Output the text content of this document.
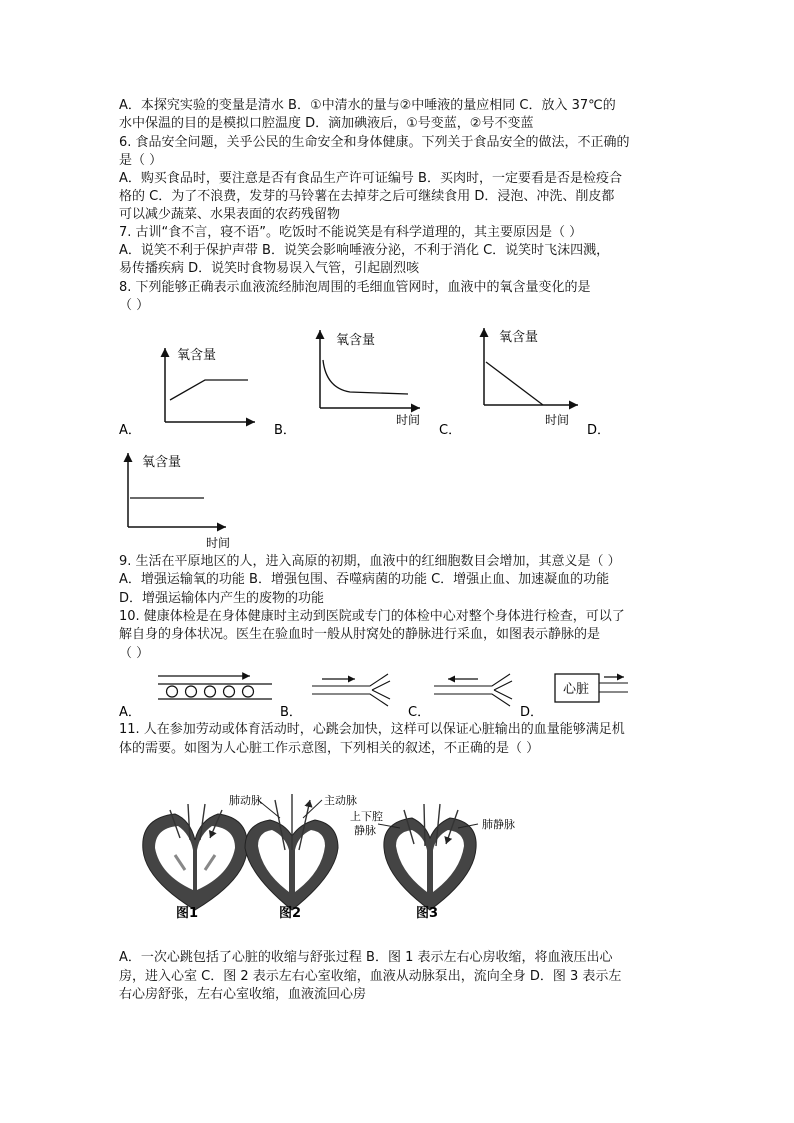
A．本探究实验的变量是清水 B．①中清水的量与②中唾液的量应相同 C．放入 37℃的
水中保温的目的是模拟口腔温度 D．滴加碘液后，①号变蓝，②号不变蓝
6. 食品安全问题，关乎公民的生命安全和身体健康。下列关于食品安全的做法，不正确的
是（ ）
A．购买食品时，要注意是否有食品生产许可证编号 B．买肉时，一定要看是否是检疫合
格的 C．为了不浪费，发芽的马铃薯在去掉芽之后可继续食用 D．浸泡、冲洗、削皮都
可以减少蔬菜、水果表面的农药残留物
7. 古训“食不言，寝不语”。吃饭时不能说笑是有科学道理的，其主要原因是（ ）
A．说笑不利于保护声带 B．说笑会影响唾液分泌，不利于消化 C．说笑时飞沫四溅，
易传播疾病 D．说笑时食物易误入气管，引起剧烈咳
8. 下列能够正确表示血液流经肺泡周围的毛细血管网时，血液中的氧含量变化的是
（ ）
氧含量
A．
氧含量
时间
B．
氧含量
时间
C．	D．
氧含量
时间
9. 生活在平原地区的人，进入高原的初期，血液中的红细胞数目会增加，其意义是（ ）
A．增强运输氧的功能 B．增强包围、吞噬病菌的功能 C．增强止血、加速凝血的功能
D．增强运输体内产生的废物的功能
10. 健康体检是在身体健康时主动到医院或专门的体检中心对整个身体进行检查，可以了
解自身的身体状况。医生在验血时一般从肘窝处的静脉进行采血，如图表示静脉的是
（ ）
A．	B．	C．
心脏
D．
11. 人在参加劳动或体育活动时，心跳会加快，这样可以保证心脏输出的血量能够满足机
体的需要。如图为人心脏工作示意图，下列相关的叙述，不正确的是（ ）
图1
肺动脉	主动脉
图2
上下腔
静脉	肺静脉
图3
A．一次心跳包括了心脏的收缩与舒张过程 B．图 1 表示左右心房收缩，将血液压出心
房，进入心室 C．图 2 表示左右心室收缩，血液从动脉泵出，流向全身 D．图 3 表示左
右心房舒张，左右心室收缩，血液流回心房
